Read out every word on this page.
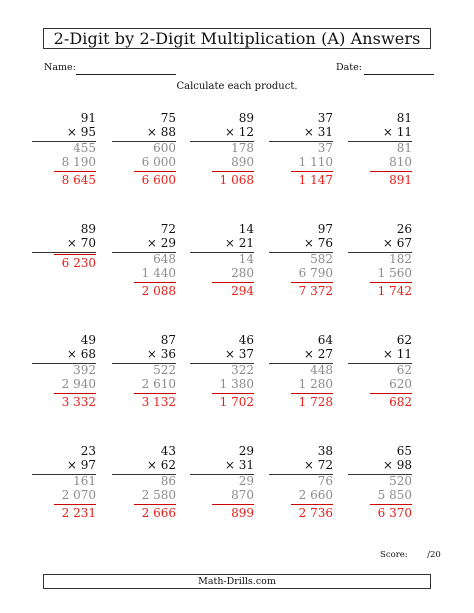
2-Digit by 2-Digit Multiplication (A) Answers
Name:	Date:
Calculate each product.
91
× 95
455
8 190
8 645
75
× 88
600
6 000
6 600
89
× 12
178
890
1 068
37
× 31
37
1 110
1 147
81
× 11
81
810
891
89
× 70
6 230
72
× 29
648
1 440
2 088
14
× 21
14
280
294
97
× 76
582
6 790
7 372
26
× 67
182
1 560
1 742
49
× 68
392
2 940
3 332
87
× 36
522
2 610
3 132
46
× 37
322
1 380
1 702
64
× 27
448
1 280
1 728
62
× 11
62
620
682
23
× 97
161
2 070
2 231
43
× 62
86
2 580
2 666
29
× 31
29
870
899
38
× 72
76
2 660
2 736
65
× 98
520
5 850
6 370
Score: /20
Math-Drills.com
